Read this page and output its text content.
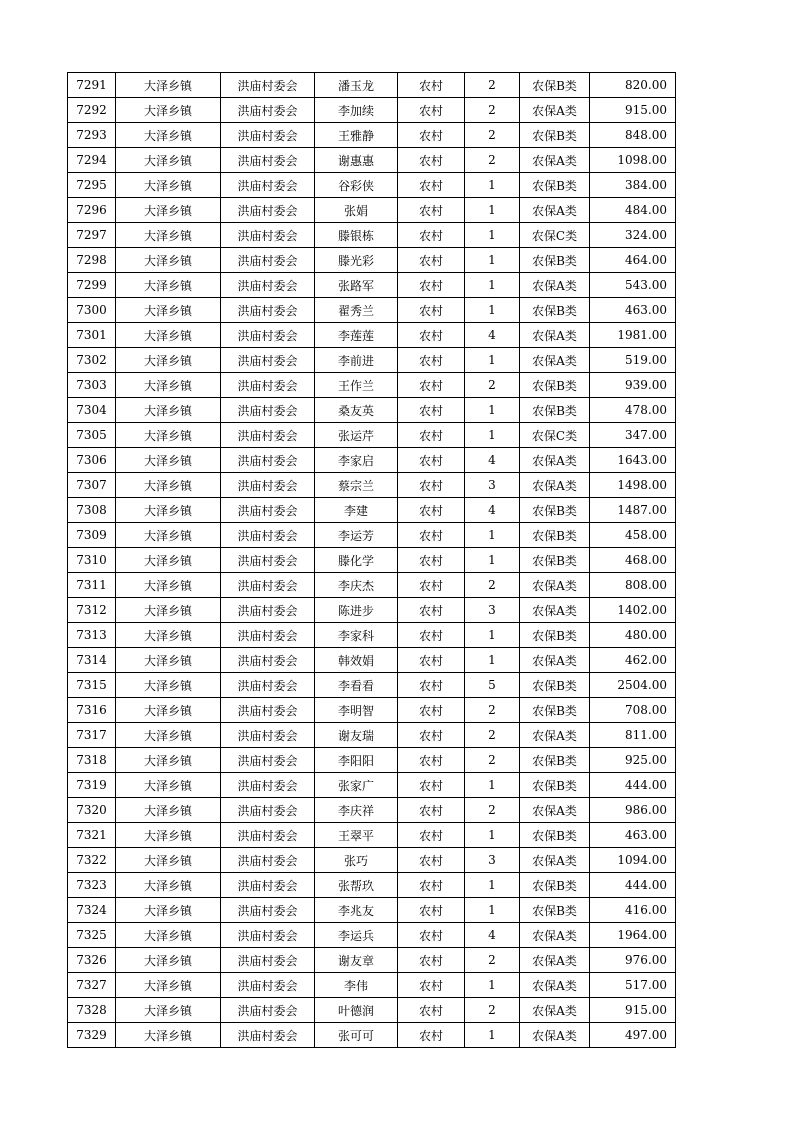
7291	大泽乡镇	洪庙村委会	潘玉龙	农村	2	农保B类	820.00
7292	大泽乡镇	洪庙村委会	李加续	农村	2	农保A类	915.00
7293	大泽乡镇	洪庙村委会	王雅静	农村	2	农保B类	848.00
7294	大泽乡镇	洪庙村委会	谢惠惠	农村	2	农保A类	1098.00
7295	大泽乡镇	洪庙村委会	谷彩侠	农村	1	农保B类	384.00
7296	大泽乡镇	洪庙村委会	张娟	农村	1	农保A类	484.00
7297	大泽乡镇	洪庙村委会	滕银栋	农村	1	农保C类	324.00
7298	大泽乡镇	洪庙村委会	滕光彩	农村	1	农保B类	464.00
7299	大泽乡镇	洪庙村委会	张路军	农村	1	农保A类	543.00
7300	大泽乡镇	洪庙村委会	翟秀兰	农村	1	农保B类	463.00
7301	大泽乡镇	洪庙村委会	李莲莲	农村	4	农保A类	1981.00
7302	大泽乡镇	洪庙村委会	李前进	农村	1	农保A类	519.00
7303	大泽乡镇	洪庙村委会	王作兰	农村	2	农保B类	939.00
7304	大泽乡镇	洪庙村委会	桑友英	农村	1	农保B类	478.00
7305	大泽乡镇	洪庙村委会	张运芹	农村	1	农保C类	347.00
7306	大泽乡镇	洪庙村委会	李家启	农村	4	农保A类	1643.00
7307	大泽乡镇	洪庙村委会	蔡宗兰	农村	3	农保A类	1498.00
7308	大泽乡镇	洪庙村委会	李建	农村	4	农保B类	1487.00
7309	大泽乡镇	洪庙村委会	李运芳	农村	1	农保B类	458.00
7310	大泽乡镇	洪庙村委会	滕化学	农村	1	农保B类	468.00
7311	大泽乡镇	洪庙村委会	李庆杰	农村	2	农保A类	808.00
7312	大泽乡镇	洪庙村委会	陈进步	农村	3	农保A类	1402.00
7313	大泽乡镇	洪庙村委会	李家科	农村	1	农保B类	480.00
7314	大泽乡镇	洪庙村委会	韩效娟	农村	1	农保A类	462.00
7315	大泽乡镇	洪庙村委会	李看看	农村	5	农保B类	2504.00
7316	大泽乡镇	洪庙村委会	李明智	农村	2	农保B类	708.00
7317	大泽乡镇	洪庙村委会	谢友瑞	农村	2	农保A类	811.00
7318	大泽乡镇	洪庙村委会	李阳阳	农村	2	农保B类	925.00
7319	大泽乡镇	洪庙村委会	张家广	农村	1	农保B类	444.00
7320	大泽乡镇	洪庙村委会	李庆祥	农村	2	农保A类	986.00
7321	大泽乡镇	洪庙村委会	王翠平	农村	1	农保B类	463.00
7322	大泽乡镇	洪庙村委会	张巧	农村	3	农保A类	1094.00
7323	大泽乡镇	洪庙村委会	张帮玖	农村	1	农保B类	444.00
7324	大泽乡镇	洪庙村委会	李兆友	农村	1	农保B类	416.00
7325	大泽乡镇	洪庙村委会	李运兵	农村	4	农保A类	1964.00
7326	大泽乡镇	洪庙村委会	谢友章	农村	2	农保A类	976.00
7327	大泽乡镇	洪庙村委会	李伟	农村	1	农保A类	517.00
7328	大泽乡镇	洪庙村委会	叶德润	农村	2	农保A类	915.00
7329	大泽乡镇	洪庙村委会	张可可	农村	1	农保A类	497.00
